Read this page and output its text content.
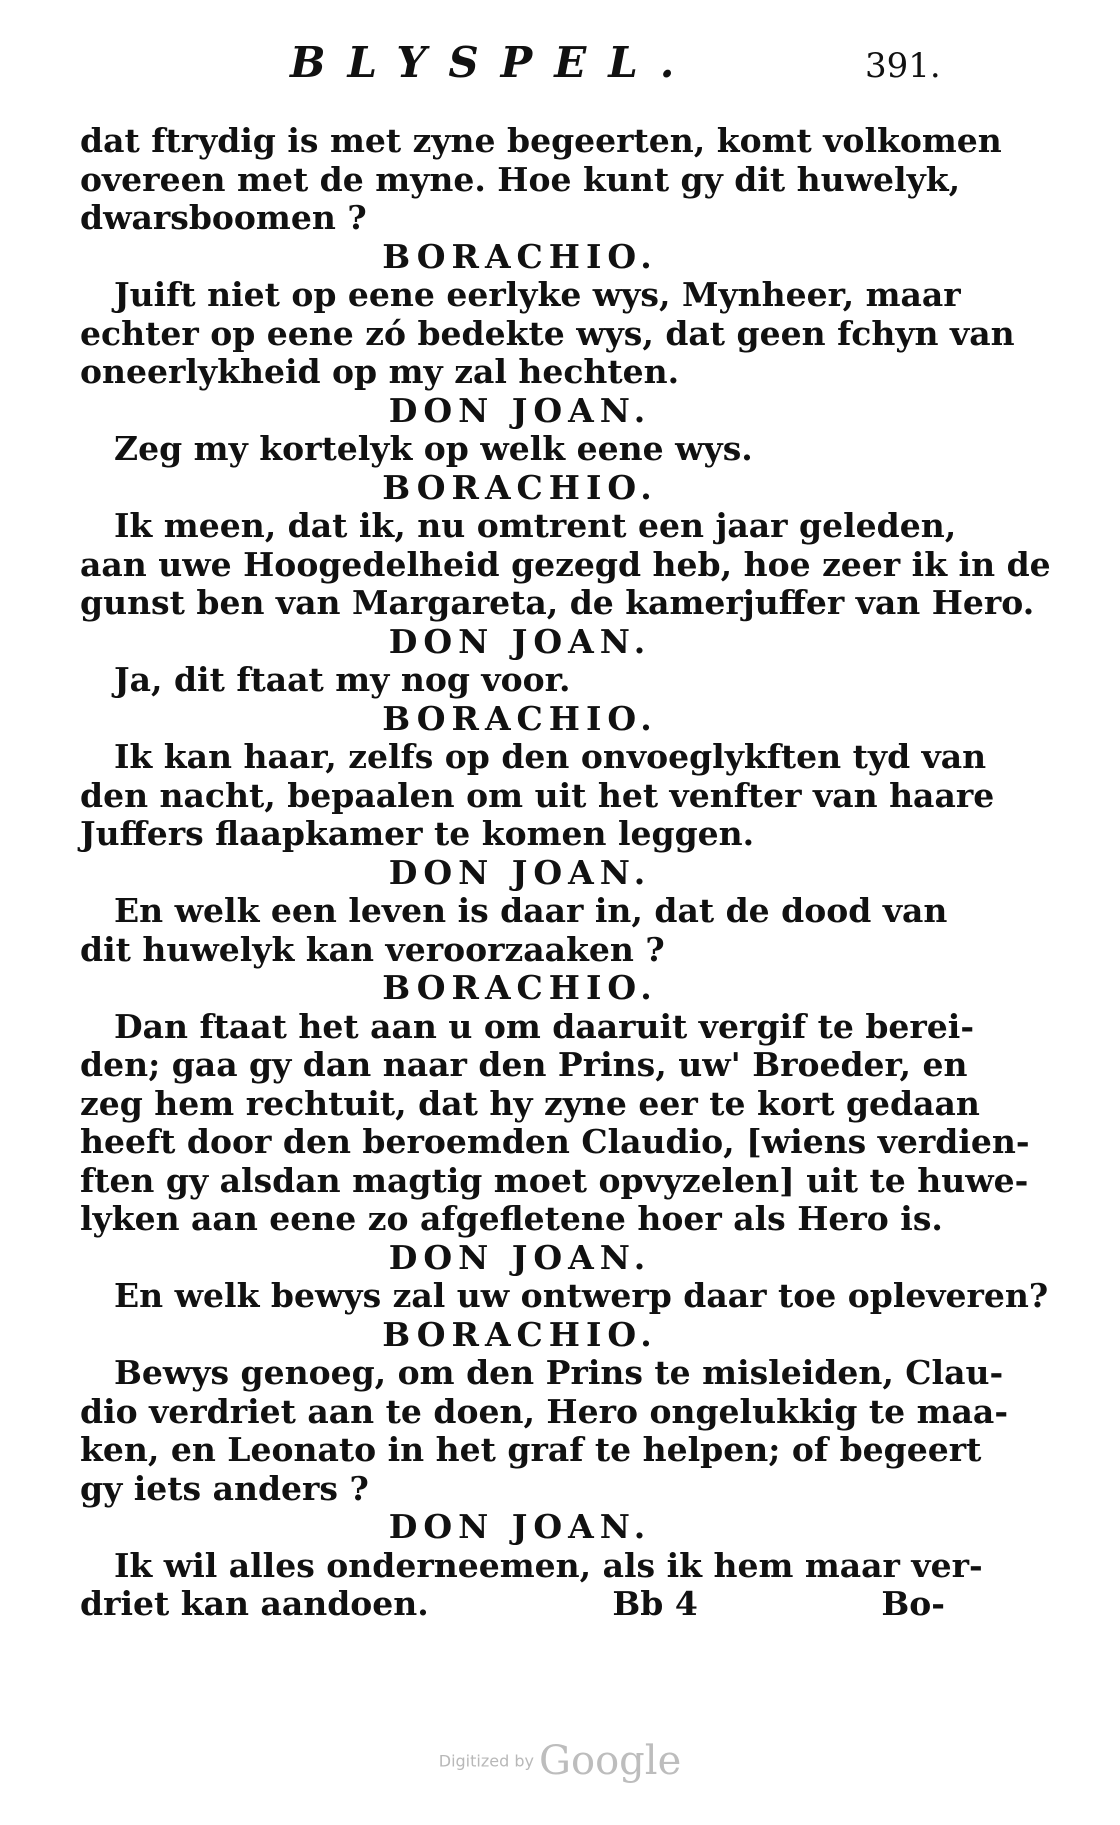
BLYSPEL.	391.
dat ftrydig is met zyne begeerten, komt volkomen
overeen met de myne. Hoe kunt gy dit huwelyk,
dwarsboomen ?
BORACHIO.
Juift niet op eene eerlyke wys, Mynheer, maar
echter op eene zó bedekte wys, dat geen fchyn van
oneerlykheid op my zal hechten.
DON JOAN.
Zeg my kortelyk op welk eene wys.
BORACHIO.
Ik meen, dat ik, nu omtrent een jaar geleden,
aan uwe Hoogedelheid gezegd heb, hoe zeer ik in de
gunst ben van Margareta, de kamerjuffer van Hero.
DON JOAN.
Ja, dit ftaat my nog voor.
BORACHIO.
Ik kan haar, zelfs op den onvoeglykften tyd van
den nacht, bepaalen om uit het venfter van haare
Juffers flaapkamer te komen leggen.
DON JOAN.
En welk een leven is daar in, dat de dood van
dit huwelyk kan veroorzaaken ?
BORACHIO.
Dan ftaat het aan u om daaruit vergif te berei-
den; gaa gy dan naar den Prins, uw' Broeder, en
zeg hem rechtuit, dat hy zyne eer te kort gedaan
heeft door den beroemden Claudio, [wiens verdien-
ften gy alsdan magtig moet opvyzelen] uit te huwe-
lyken aan eene zo afgefletene hoer als Hero is.
DON JOAN.
En welk bewys zal uw ontwerp daar toe opleveren?
BORACHIO.
Bewys genoeg, om den Prins te misleiden, Clau-
dio verdriet aan te doen, Hero ongelukkig te maa-
ken, en Leonato in het graf te helpen; of begeert
gy iets anders ?
DON JOAN.
Ik wil alles onderneemen, als ik hem maar ver-
driet kan aandoen.	Bb 4	Bo-
Digitized by Google
